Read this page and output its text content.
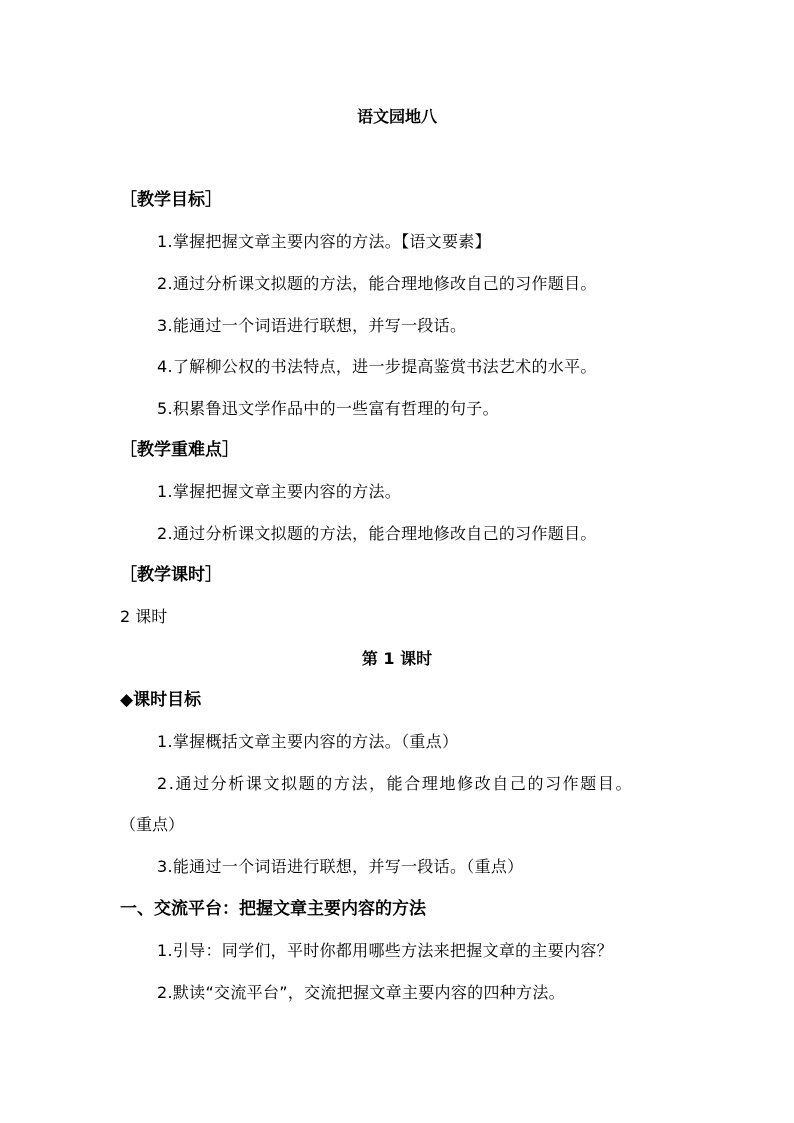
语文园地八
［教学目标］
1.掌握把握文章主要内容的方法。【语文要素】
2.通过分析课文拟题的方法，能合理地修改自己的习作题目。
3.能通过一个词语进行联想，并写一段话。
4.了解柳公权的书法特点，进一步提高鉴赏书法艺术的水平。
5.积累鲁迅文学作品中的一些富有哲理的句子。
［教学重难点］
1.掌握把握文章主要内容的方法。
2.通过分析课文拟题的方法，能合理地修改自己的习作题目。
［教学课时］
2 课时
第 1 课时
◆课时目标
1.掌握概括文章主要内容的方法。（重点）
2.通过分析课文拟题的方法，能合理地修改自己的习作题目。
（重点）
3.能通过一个词语进行联想，并写一段话。（重点）
一、交流平台：把握文章主要内容的方法
1.引导：同学们，平时你都用哪些方法来把握文章的主要内容？
2.默读“交流平台”，交流把握文章主要内容的四种方法。
